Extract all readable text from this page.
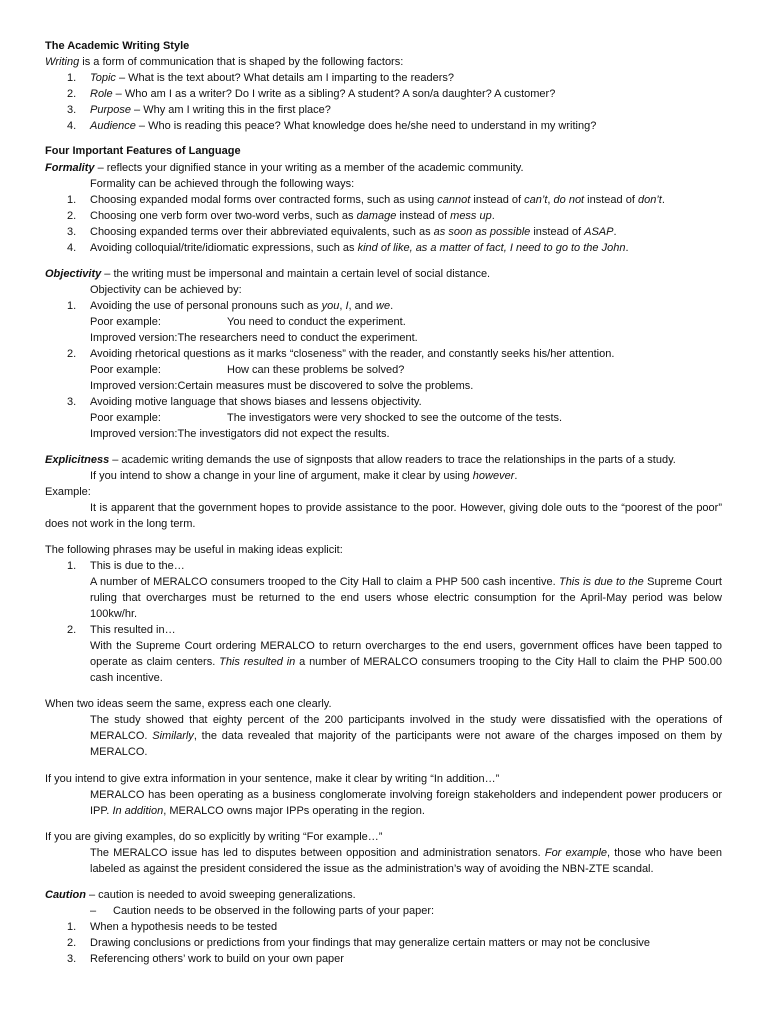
The Academic Writing Style
Writing is a form of communication that is shaped by the following factors:
1. Topic – What is the text about? What details am I imparting to the readers?
2. Role – Who am I as a writer? Do I write as a sibling? A student? A son/a daughter? A customer?
3. Purpose – Why am I writing this in the first place?
4. Audience – Who is reading this peace? What knowledge does he/she need to understand in my writing?
Four Important Features of Language
Formality – reflects your dignified stance in your writing as a member of the academic community.
Formality can be achieved through the following ways:
1. Choosing expanded modal forms over contracted forms, such as using cannot instead of can’t, do not instead of don’t.
2. Choosing one verb form over two-word verbs, such as damage instead of mess up.
3. Choosing expanded terms over their abbreviated equivalents, such as as soon as possible instead of ASAP.
4. Avoiding colloquial/trite/idiomatic expressions, such as kind of like, as a matter of fact, I need to go to the John.
Objectivity – the writing must be impersonal and maintain a certain level of social distance.
Objectivity can be achieved by:
1. Avoiding the use of personal pronouns such as you, I, and we.
Poor example:	You need to conduct the experiment.
Improved version:The researchers need to conduct the experiment.
2. Avoiding rhetorical questions as it marks “closeness” with the reader, and constantly seeks his/her attention.
Poor example:	How can these problems be solved?
Improved version:Certain measures must be discovered to solve the problems.
3. Avoiding motive language that shows biases and lessens objectivity.
Poor example:	The investigators were very shocked to see the outcome of the tests.
Improved version:The investigators did not expect the results.
Explicitness – academic writing demands the use of signposts that allow readers to trace the relationships in the parts of a study.
If you intend to show a change in your line of argument, make it clear by using however.
Example:
It is apparent that the government hopes to provide assistance to the poor. However, giving dole outs to the “poorest of the poor” does not work in the long term.
The following phrases may be useful in making ideas explicit:
1. This is due to the…
A number of MERALCO consumers trooped to the City Hall to claim a PHP 500 cash incentive. This is due to the Supreme Court ruling that overcharges must be returned to the end users whose electric consumption for the April-May period was below 100kw/hr.
2. This resulted in…
With the Supreme Court ordering MERALCO to return overcharges to the end users, government offices have been tapped to operate as claim centers. This resulted in a number of MERALCO consumers trooping to the City Hall to claim the PHP 500.00 cash incentive.
When two ideas seem the same, express each one clearly.
The study showed that eighty percent of the 200 participants involved in the study were dissatisfied with the operations of MERALCO. Similarly, the data revealed that majority of the participants were not aware of the charges imposed on them by MERALCO.
If you intend to give extra information in your sentence, make it clear by writing “In addition…”
MERALCO has been operating as a business conglomerate involving foreign stakeholders and independent power producers or IPP. In addition, MERALCO owns major IPPs operating in the region.
If you are giving examples, do so explicitly by writing “For example…”
The MERALCO issue has led to disputes between opposition and administration senators. For example, those who have been labeled as against the president considered the issue as the administration’s way of avoiding the NBN-ZTE scandal.
Caution – caution is needed to avoid sweeping generalizations.
– Caution needs to be observed in the following parts of your paper:
1. When a hypothesis needs to be tested
2. Drawing conclusions or predictions from your findings that may generalize certain matters or may not be conclusive
3. Referencing others’ work to build on your own paper
